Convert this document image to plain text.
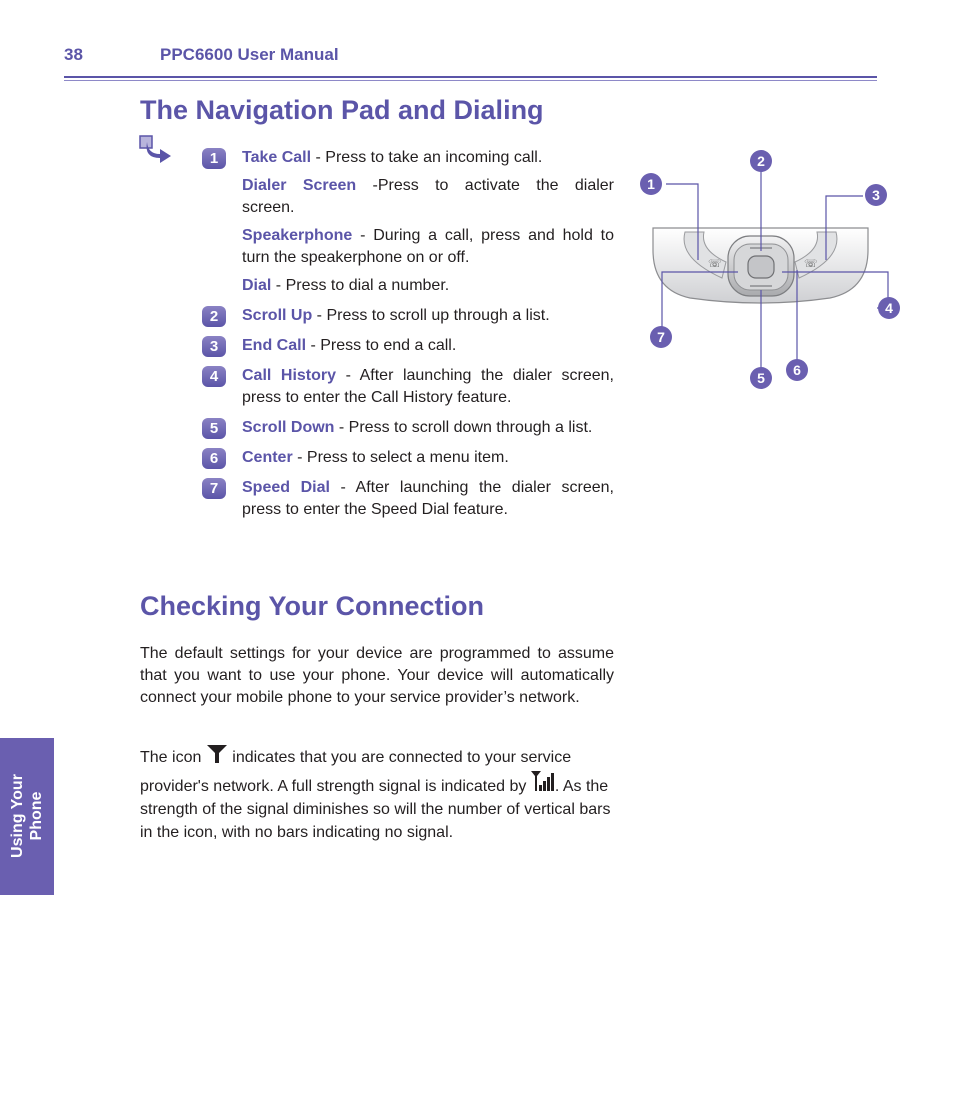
38	PPC6600 User Manual
Using Your Phone
The Navigation Pad and Dialing
1	Take Call - Press to take an incoming call.
Dialer Screen -Press to activate the dialer screen.
Speakerphone - During a call, press and hold to turn the speakerphone on or off.
Dial - Press to dial a number.
2	Scroll Up - Press to scroll up through a list.
3	End Call - Press to end a call.
4	Call History - After launching the dialer screen, press to enter the Call History feature.
5	Scroll Down - Press to scroll down through a list.
6	Center - Press to select a menu item.
7	Speed Dial - After launching the dialer screen, press to enter the Speed Dial feature.
☏	☏
1
2
3
4
5 6
7
Checking Your Connection
The default settings for your device are programmed to assume that you want to use your phone. Your device will automatically connect your mobile phone to your service provider’s network.
The icon  indicates that you are connected to your service provider's network. A full strength signal is indicated by . As the strength of the signal diminishes so will the number of vertical bars in the icon, with no bars indicating no signal.
